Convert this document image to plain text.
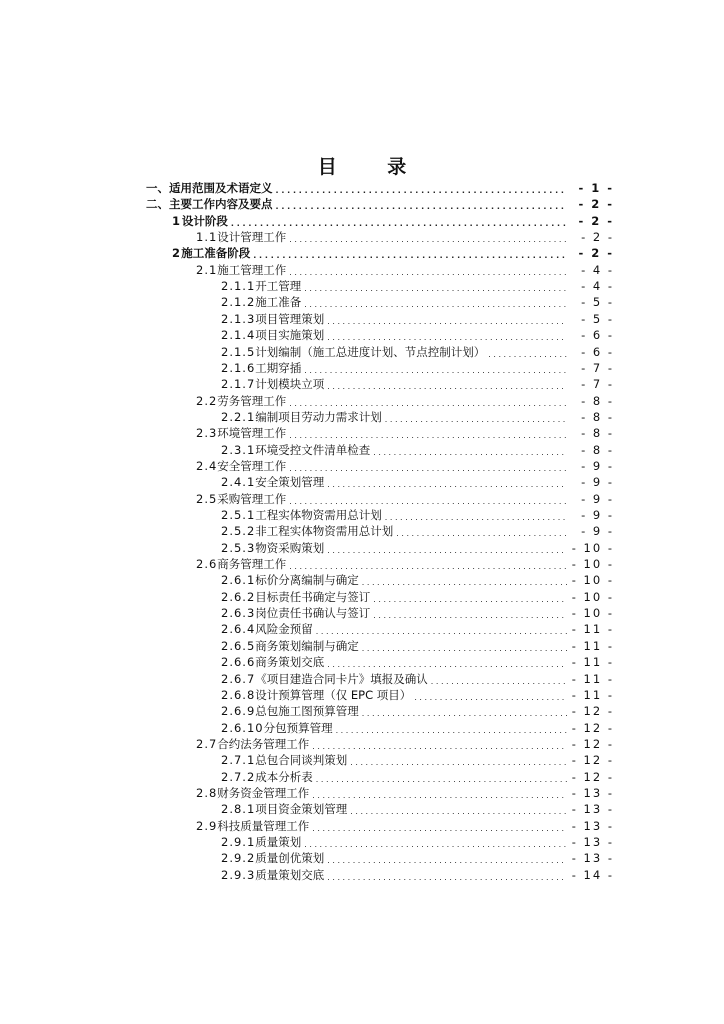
目 录
一、 适用范围及术语定义 . . .	- 1 -
二、 主要工作内容及要点 . . .	- 2 -
1 设计阶段 . . .	- 2 -
1.1 设计管理工作 . . .	- 2 -
2 施工准备阶段 . . .	- 2 -
2.1 施工管理工作 . . .	- 4 -
2.1.1 开工管理 . . .	- 4 -
2.1.2 施工准备 . . .	- 5 -
2.1.3 项目管理策划 . . .	- 5 -
2.1.4 项目实施策划 . . .	- 6 -
2.1.5 计划编制（施工总进度计划、节点控制计划） . . .	- 6 -
2.1.6 工期穿插 . . .	- 7 -
2.1.7 计划模块立项 . . .	- 7 -
2.2 劳务管理工作 . . .	- 8 -
2.2.1 编制项目劳动力需求计划 . . .	- 8 -
2.3 环境管理工作 . . .	- 8 -
2.3.1 环境受控文件清单检查 . . .	- 8 -
2.4 安全管理工作 . . .	- 9 -
2.4.1 安全策划管理 . . .	- 9 -
2.5 采购管理工作 . . .	- 9 -
2.5.1 工程实体物资需用总计划 . . .	- 9 -
2.5.2 非工程实体物资需用总计划 . . .	- 9 -
2.5.3 物资采购策划 . . .	- 10 -
2.6 商务管理工作 . . .	- 10 -
2.6.1 标价分离编制与确定 . . .	- 10 -
2.6.2 目标责任书确定与签订 . . .	- 10 -
2.6.3 岗位责任书确认与签订 . . .	- 10 -
2.6.4 风险金预留 . . .	- 11 -
2.6.5 商务策划编制与确定 . . .	- 11 -
2.6.6 商务策划交底 . . .	- 11 -
2.6.7 《项目建造合同卡片》填报及确认 . . .	- 11 -
2.6.8 设计预算管理（仅 EPC 项目） . . .	- 11 -
2.6.9 总包施工图预算管理 . . .	- 12 -
2.6.10 分包预算管理 . . .	- 12 -
2.7 合约法务管理工作 . . .	- 12 -
2.7.1 总包合同谈判策划 . . .	- 12 -
2.7.2 成本分析表 . . .	- 12 -
2.8 财务资金管理工作 . . .	- 13 -
2.8.1 项目资金策划管理 . . .	- 13 -
2.9 科技质量管理工作 . . .	- 13 -
2.9.1 质量策划 . . .	- 13 -
2.9.2 质量创优策划 . . .	- 13 -
2.9.3 质量策划交底 . . .	- 14 -
